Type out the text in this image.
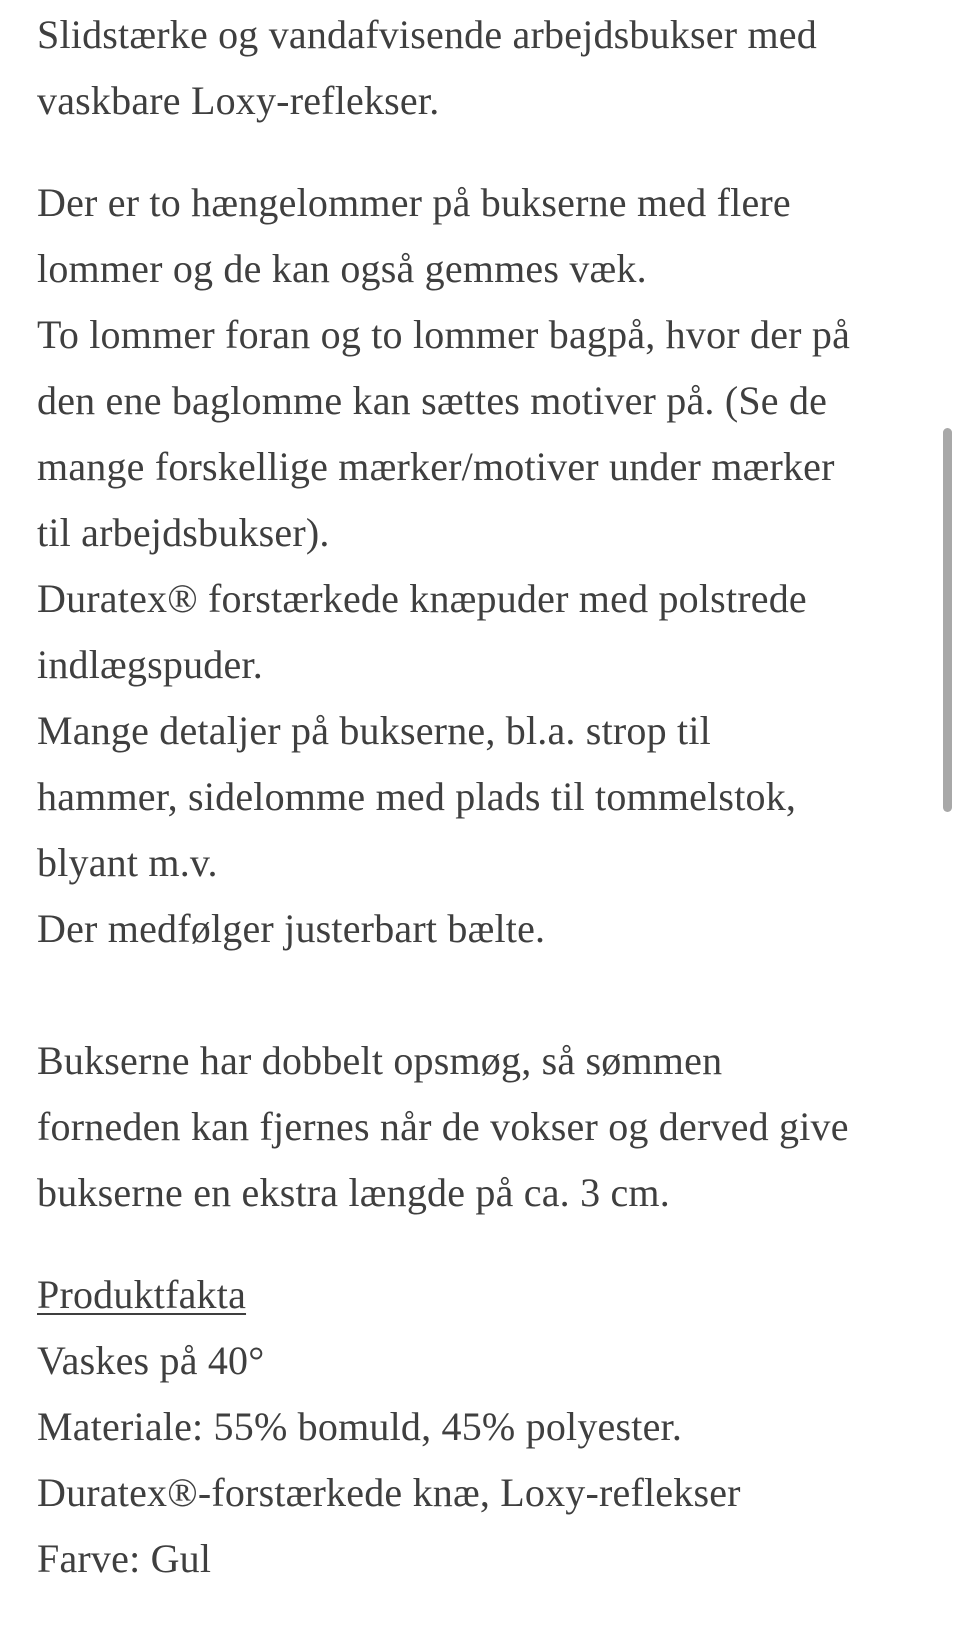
Slidstærke og vandafvisende arbejdsbukser med
vaskbare Loxy-reflekser.

Der er to hængelommer på bukserne med flere
lommer og de kan også gemmes væk.
To lommer foran og to lommer bagpå, hvor der på
den ene baglomme kan sættes motiver på. (Se de
mange forskellige mærker/motiver under mærker
til arbejdsbukser).
Duratex® forstærkede knæpuder med polstrede
indlægspuder.
Mange detaljer på bukserne, bl.a. strop til
hammer, sidelomme med plads til tommelstok,
blyant m.v.
Der medfølger justerbart bælte.
Bukserne har dobbelt opsmøg, så sømmen
forneden kan fjernes når de vokser og derved give
bukserne en ekstra længde på ca. 3 cm.

Produktfakta
Vaskes på 40°
Materiale: 55% bomuld, 45% polyester.
Duratex®-forstærkede knæ, Loxy-reflekser
Farve: Gul
